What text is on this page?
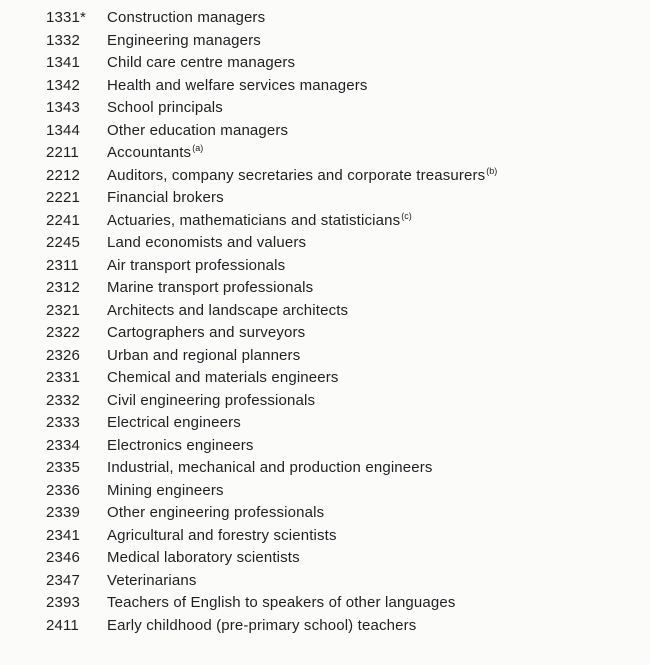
1331*	Construction managers
1332	Engineering managers
1341	Child care centre managers
1342	Health and welfare services managers
1343	School principals
1344	Other education managers
2211	Accountants$^{(a)}$
2212	Auditors, company secretaries and corporate treasurers$^{(b)}$
2221	Financial brokers
2241	Actuaries, mathematicians and statisticians$^{(c)}$
2245	Land economists and valuers
2311	Air transport professionals
2312	Marine transport professionals
2321	Architects and landscape architects
2322	Cartographers and surveyors
2326	Urban and regional planners
2331	Chemical and materials engineers
2332	Civil engineering professionals
2333	Electrical engineers
2334	Electronics engineers
2335	Industrial, mechanical and production engineers
2336	Mining engineers
2339	Other engineering professionals
2341	Agricultural and forestry scientists
2346	Medical laboratory scientists
2347	Veterinarians
2393	Teachers of English to speakers of other languages
2411	Early childhood (pre-primary school) teachers
